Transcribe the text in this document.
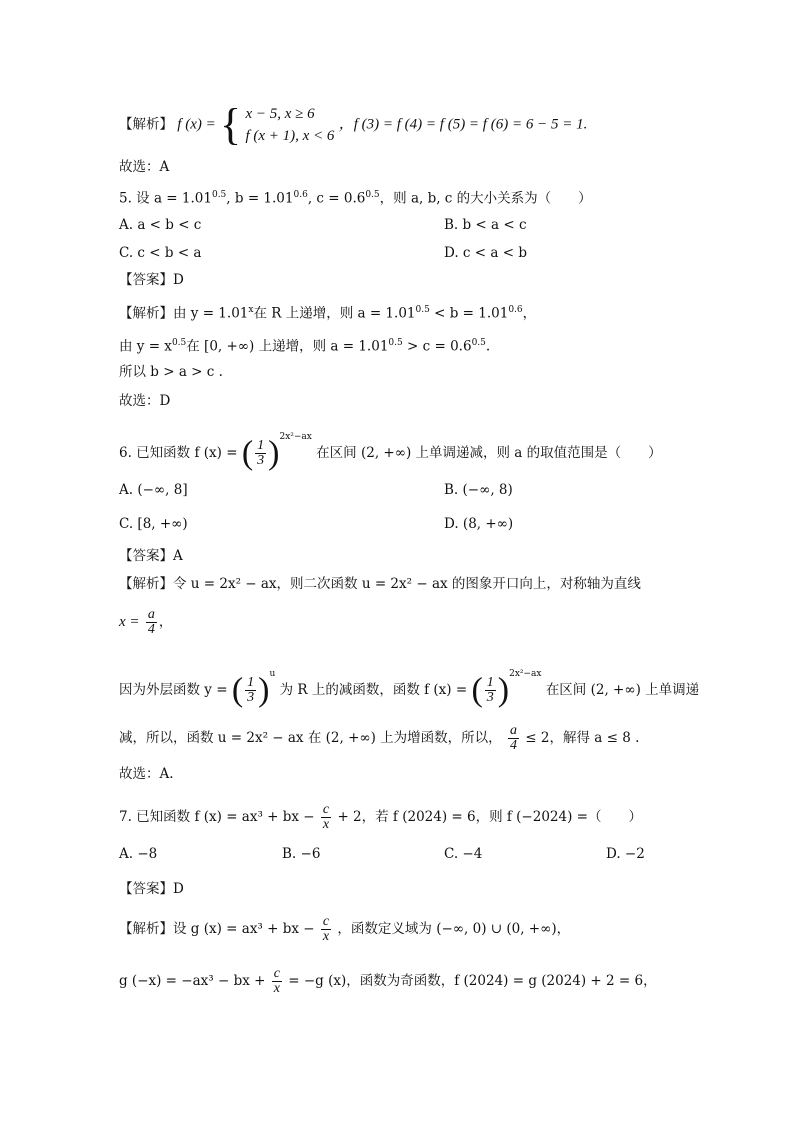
【解析】 f (x) = { x − 5, x ≥ 6
f (x + 1), x < 6
，f (3) = f (4) = f (5) = f (6) = 6 − 5 = 1.
故选：A
5. 设 $a = 1.01^{0.5}$, $b = 1.01^{0.6}$, $c = 0.6^{0.5}$，则 a, b, c 的大小关系为（　　）
A. a < b < c	B. b < a < c
C. c < b < a	D. c < a < b
【答案】D
【解析】由 $y = 1.01^x$在 R 上递增，则 $a = 1.01^{0.5} < b = 1.01^{0.6}$，
由 $y = x^{0.5}$在 [0, +∞) 上递增，则 $a = 1.01^{0.5} > c = 0.6^{0.5}$.
所以 b > a > c .
故选：D
6. 已知函数 f (x) = ( $\frac{1}{3} )^{2x^2-ax}$ 在区间 (2, +∞) 上单调递减，则 a 的取值范围是（　　）
A. (−∞, 8]	B. (−∞, 8)
C. [8, +∞)	D. (8, +∞)
【答案】A
【解析】令 u = 2x² − ax，则二次函数 u = 2x² − ax 的图象开口向上，对称轴为直线
$x = \frac{a}{4}$ ，
因为外层函数 y = ( $\frac{1}{3} )^u$ 为 R 上的减函数，函数 f (x) = ( $\frac{1}{3} )^{2x^2-ax}$ 在区间 (2, +∞) 上单调递
减，所以，函数 u = 2x² − ax 在 (2, +∞) 上为增函数，所以， $\frac{a}{4} \le 2$，解得 a ≤ 8 .
故选：A.
7. 已知函数 f (x) = ax³ + bx − $\frac{c}{x} + 2$，若 f (2024) = 6，则 f (−2024) =（　　）
A. −8	B. −6	C. −4	D. −2
【答案】D
【解析】设 g (x) = ax³ + bx − $\frac{c}{x}$ ，函数定义域为 (−∞, 0) ∪ (0, +∞)，
g (−x) = −ax³ − bx + $\frac{c}{x} = -g$ (x)，函数为奇函数，f (2024) = g (2024) + 2 = 6，
